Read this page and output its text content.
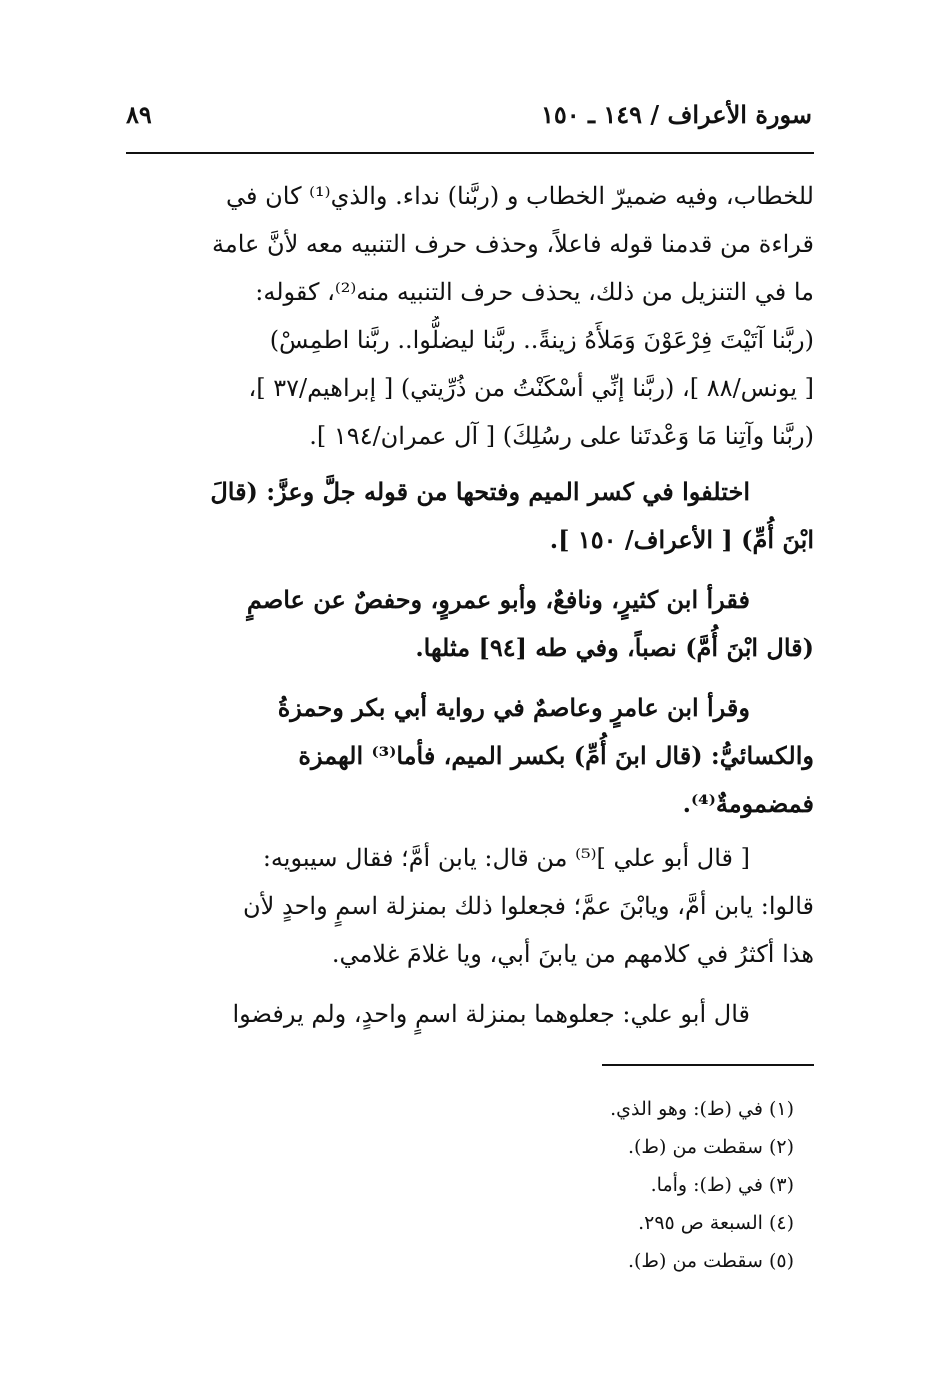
٨٩	سورة الأعراف / ١٤٩ ـ ١٥٠
للخطاب، وفيه ضميرّ الخطاب و (ربَّنا) نداء. والذي⁽¹⁾ كان في
قراءة من قدمنا قوله فاعلاً، وحذف حرف التنبيه معه لأنَّ عامة
ما في التنزيل من ذلك، يحذف حرف التنبيه منه⁽²⁾، كقوله:
(ربَّنا آتَيْتَ فِرْعَوْنَ وَمَلأَهُ زينةً.. ربَّنا ليضلُّوا.. ربَّنا اطمِسْ)
[ يونس/٨٨ ]، (ربَّنا إنِّي أسْكَنْتُ من ذُرِّيتي) [ إبراهيم/٣٧ ]،
(ربَّنا وآتِنا مَا وَعْدتَنا على رسُلِكَ) [ آل عمران/١٩٤ ].
اختلفوا في كسر الميم وفتحها من قوله جلَّ وعزَّ: (قالَ
ابْنَ أُمِّ) [ الأعراف/ ١٥٠ ].
فقرأ ابن كثيرٍ، ونافعٌ، وأبو عمروٍ، وحفصٌ عن عاصمٍ
(قال ابْنَ أُمَّ) نصباً، وفي طه [٩٤] مثلها.
وقرأ ابن عامرٍ وعاصمٌ في رواية أبي بكر وحمزةُ
والكسائيُّ: (قال ابنَ أُمِّ) بكسر الميم، فأما⁽³⁾ الهمزة
فمضمومةٌ⁽⁴⁾.
[ قال أبو علي ]⁽⁵⁾ من قال: يابن أمَّ؛ فقال سيبويه:
قالوا: يابن أمَّ، ويابْنَ عمَّ؛ فجعلوا ذلك بمنزلة اسمٍ واحدٍ لأن
هذا أكثرُ في كلامهم من يابنَ أبي، ويا غلامَ غلامي.
قال أبو علي: جعلوهما بمنزلة اسمٍ واحدٍ، ولم يرفضوا
(١) في (ط): وهو الذي.
(٢) سقطت من (ط).
(٣) في (ط): وأما.
(٤) السبعة ص ٢٩٥.
(٥) سقطت من (ط).
